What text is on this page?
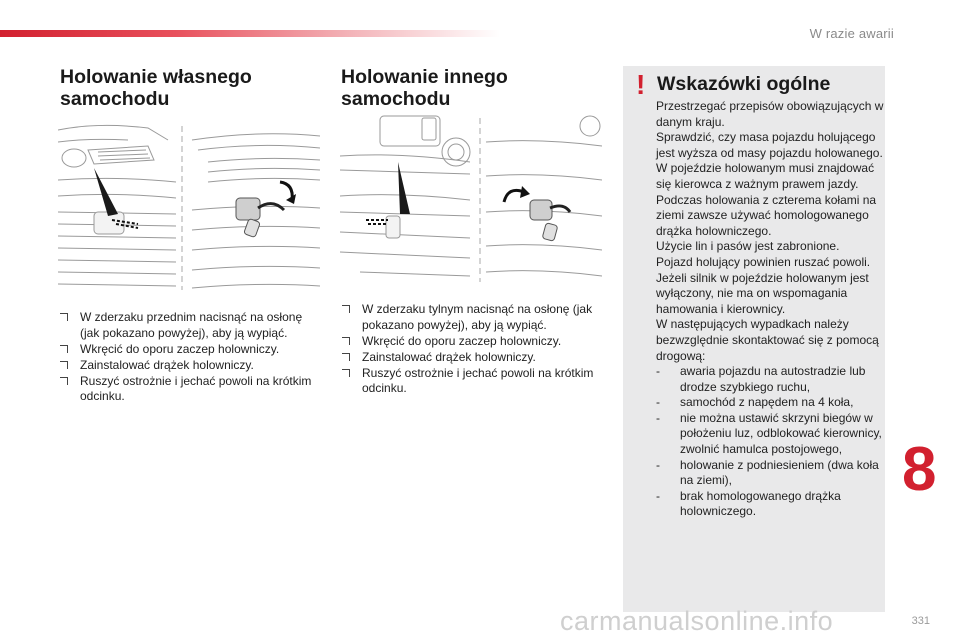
W razie awarii
Holowanie własnego
samochodu
W zderzaku przednim nacisnąć na osłonę (jak pokazano powyżej), aby ją wypiąć.
Wkręcić do oporu zaczep holowniczy.
Zainstalować drążek holowniczy.
Ruszyć ostrożnie i jechać powoli na krótkim odcinku.
Holowanie innego
samochodu
W zderzaku tylnym nacisnąć na osłonę (jak pokazano powyżej), aby ją wypiąć.
Wkręcić do oporu zaczep holowniczy.
Zainstalować drążek holowniczy.
Ruszyć ostrożnie i jechać powoli na krótkim odcinku.
! Wskazówki ogólne

Przestrzegać przepisów obowiązujących w danym kraju.

Sprawdzić, czy masa pojazdu holującego jest wyższa od masy pojazdu holowanego.

W pojeździe holowanym musi znajdować się kierowca z ważnym prawem jazdy.

Podczas holowania z czterema kołami na ziemi zawsze używać homologowanego drążka holowniczego.

Użycie lin i pasów jest zabronione.

Pojazd holujący powinien ruszać powoli.

Jeżeli silnik w pojeździe holowanym jest wyłączony, nie ma on wspomagania hamowania i kierownicy.

W następujących wypadkach należy bezwzględnie skontaktować się z pomocą drogową:

- awaria pojazdu na autostradzie lub drodze szybkiego ruchu,
- samochód z napędem na 4 koła,
- nie można ustawić skrzyni biegów w położeniu luz, odblokować kierownicy, zwolnić hamulca postojowego,
- holowanie z podniesieniem (dwa koła na ziemi),
- brak homologowanego drążka holowniczego.
8
carmanualsonline.info	331
